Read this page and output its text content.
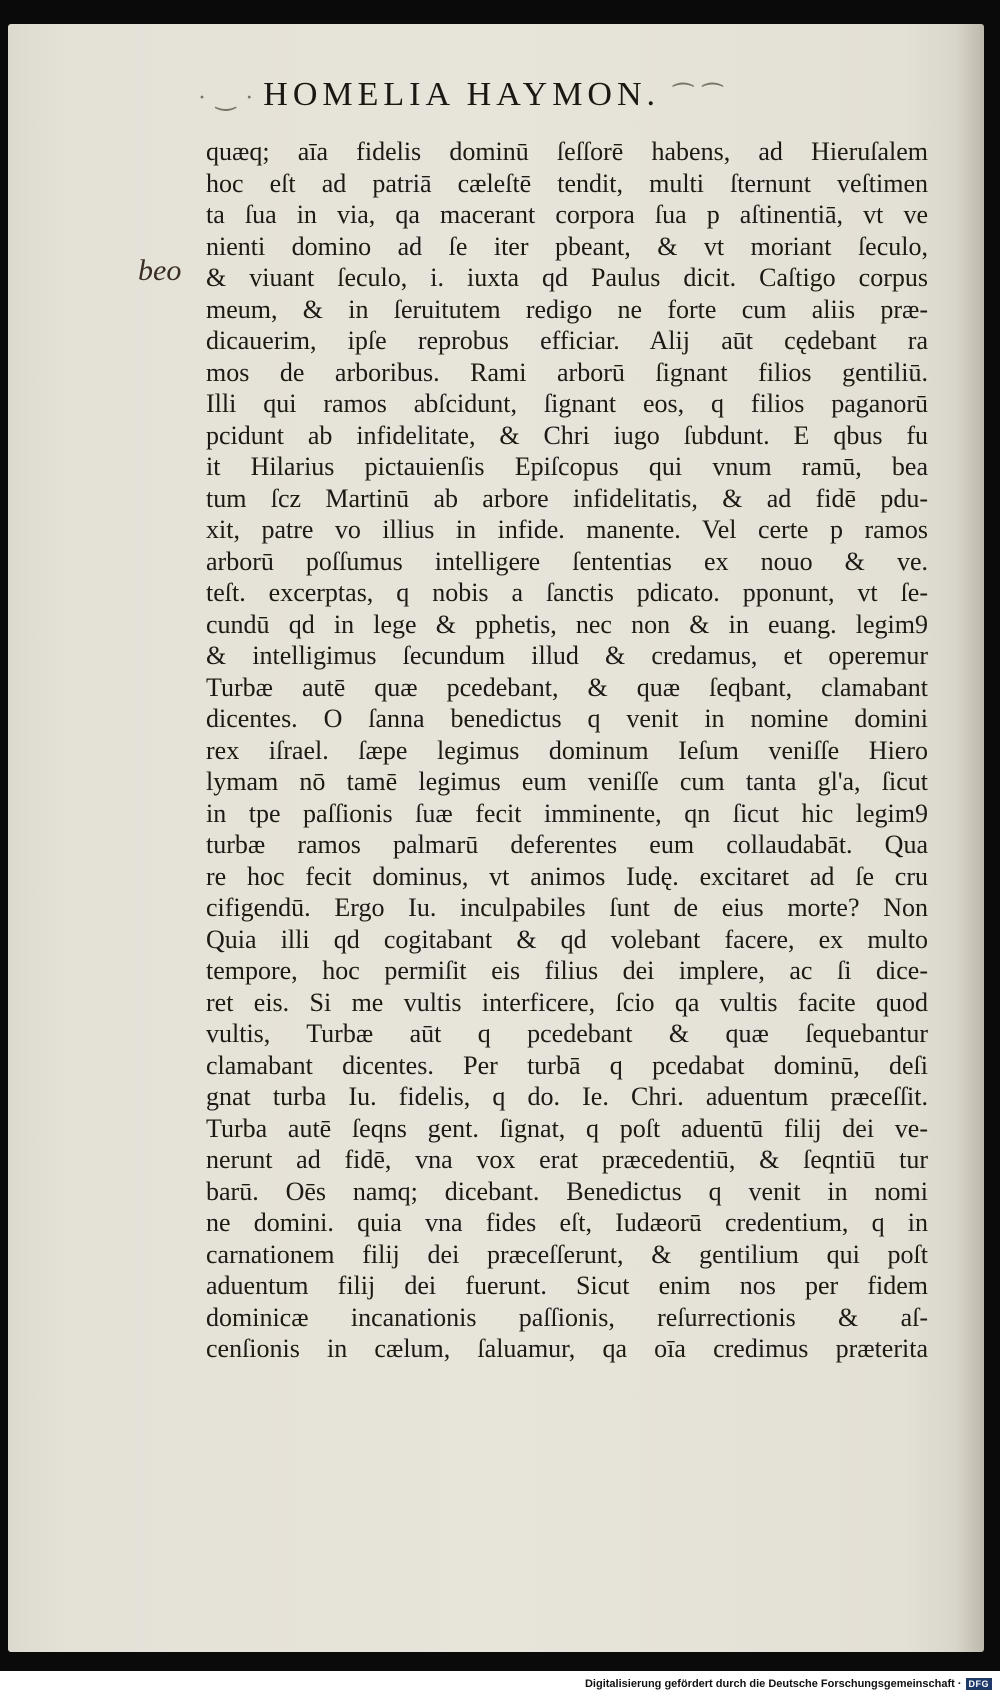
· ‿ · HOMELIA HAYMON. ⁀ ⁀
beo
quæq; aīa fidelis dominū ſeſſorē habens, ad Hieruſalem
hoc eſt ad patriā cæleſtē tendit, multi ſternunt veſtimen
ta ſua in via, qa macerant corpora ſua p aſtinentiā, vt ve
nienti domino ad ſe iter pbeant, & vt moriant ſeculo,
& viuant ſeculo, i. iuxta qd Paulus dicit. Caſtigo corpus
meum, & in ſeruitutem redigo ne forte cum aliis præ-
dicauerim, ipſe reprobus efficiar. Alij aūt cędebant ra
mos de arboribus. Rami arborū ſignant filios gentiliū.
Illi qui ramos abſcidunt, ſignant eos, q filios paganorū
pcidunt ab infidelitate, & Chri iugo ſubdunt. E qbus fu
it Hilarius pictauienſis Epiſcopus qui vnum ramū, bea
tum ſcz Martinū ab arbore infidelitatis, & ad fidē pdu-
xit, patre vo illius in infide. manente. Vel certe p ramos
arborū poſſumus intelligere ſententias ex nouo & ve.
teſt. excerptas, q nobis a ſanctis pdicato. pponunt, vt ſe-
cundū qd in lege & pphetis, nec non & in euang. legim9
& intelligimus ſecundum illud & credamus, et operemur
Turbæ autē quæ pcedebant, & quæ ſeqbant, clamabant
dicentes. O ſanna benedictus q venit in nomine domini
rex iſrael. ſæpe legimus dominum Ieſum veniſſe Hiero
lymam nō tamē legimus eum veniſſe cum tanta gl'a, ſicut
in tpe paſſionis ſuæ fecit imminente, qn ſicut hic legim9
turbæ ramos palmarū deferentes eum collaudabāt. Qua
re hoc fecit dominus, vt animos Iudę. excitaret ad ſe cru
cifigendū. Ergo Iu. inculpabiles ſunt de eius morte? Non
Quia illi qd cogitabant & qd volebant facere, ex multo
tempore, hoc permiſit eis filius dei implere, ac ſi dice-
ret eis. Si me vultis interficere, ſcio qa vultis facite quod
vultis, Turbæ aūt q pcedebant & quæ ſequebantur
clamabant dicentes. Per turbā q pcedabat dominū, deſi
gnat turba Iu. fidelis, q do. Ie. Chri. aduentum præceſſit.
Turba autē ſeqns gent. ſignat, q poſt aduentū filij dei ve-
nerunt ad fidē, vna vox erat præcedentiū, & ſeqntiū tur
barū. Oēs namq; dicebant. Benedictus q venit in nomi
ne domini. quia vna fides eſt, Iudæorū credentium, q in
carnationem filij dei præceſſerunt, & gentilium qui poſt
aduentum filij dei fuerunt. Sicut enim nos per fidem
dominicæ incanationis paſſionis, reſurrectionis & aſ-
cenſionis in cælum, ſaluamur, qa oīa credimus præterita
Digitalisierung gefördert durch die Deutsche Forschungsgemeinschaft · DFG
